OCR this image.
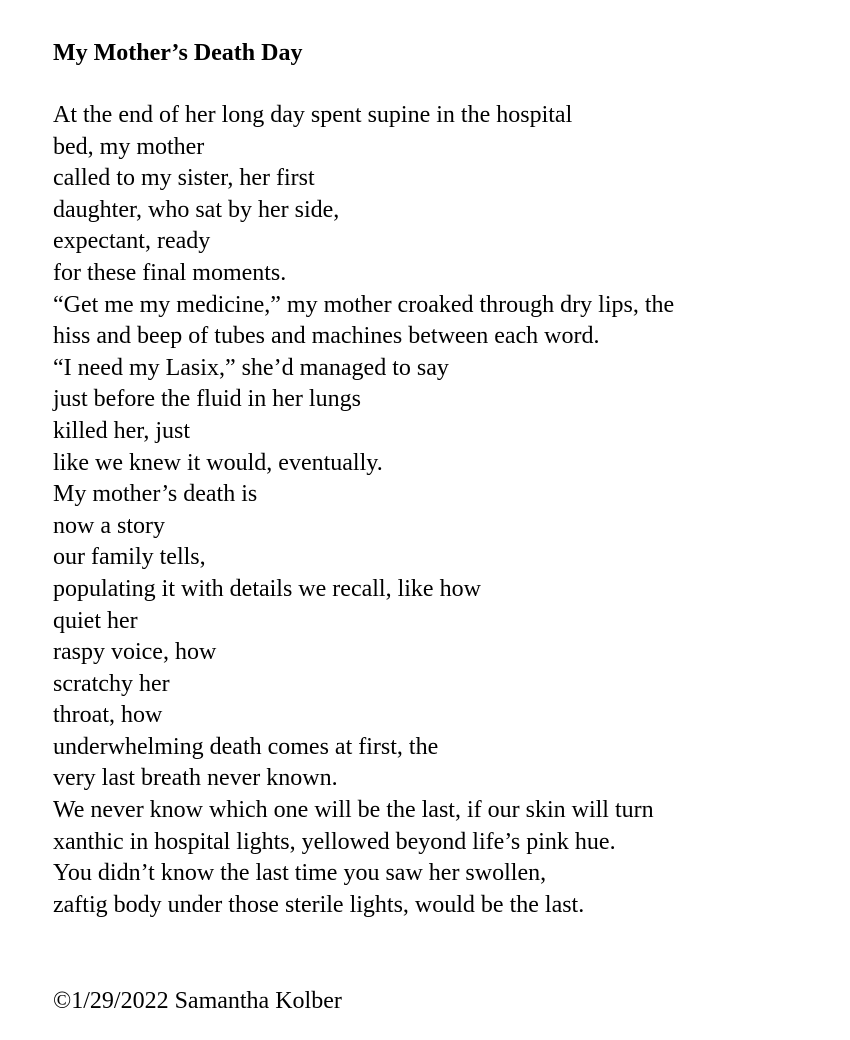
My Mother’s Death Day
At the end of her long day spent supine in the hospital
bed, my mother
called to my sister, her first
daughter, who sat by her side,
expectant, ready
for these final moments.
“Get me my medicine,” my mother croaked through dry lips, the
hiss and beep of tubes and machines between each word.
“I need my Lasix,” she’d managed to say
just before the fluid in her lungs
killed her, just
like we knew it would, eventually.
My mother’s death is
now a story
our family tells,
populating it with details we recall, like how
quiet her
raspy voice, how
scratchy her
throat, how
underwhelming death comes at first, the
very last breath never known.
We never know which one will be the last, if our skin will turn
xanthic in hospital lights, yellowed beyond life’s pink hue.
You didn’t know the last time you saw her swollen,
zaftig body under those sterile lights, would be the last.

©1/29/2022 Samantha Kolber
